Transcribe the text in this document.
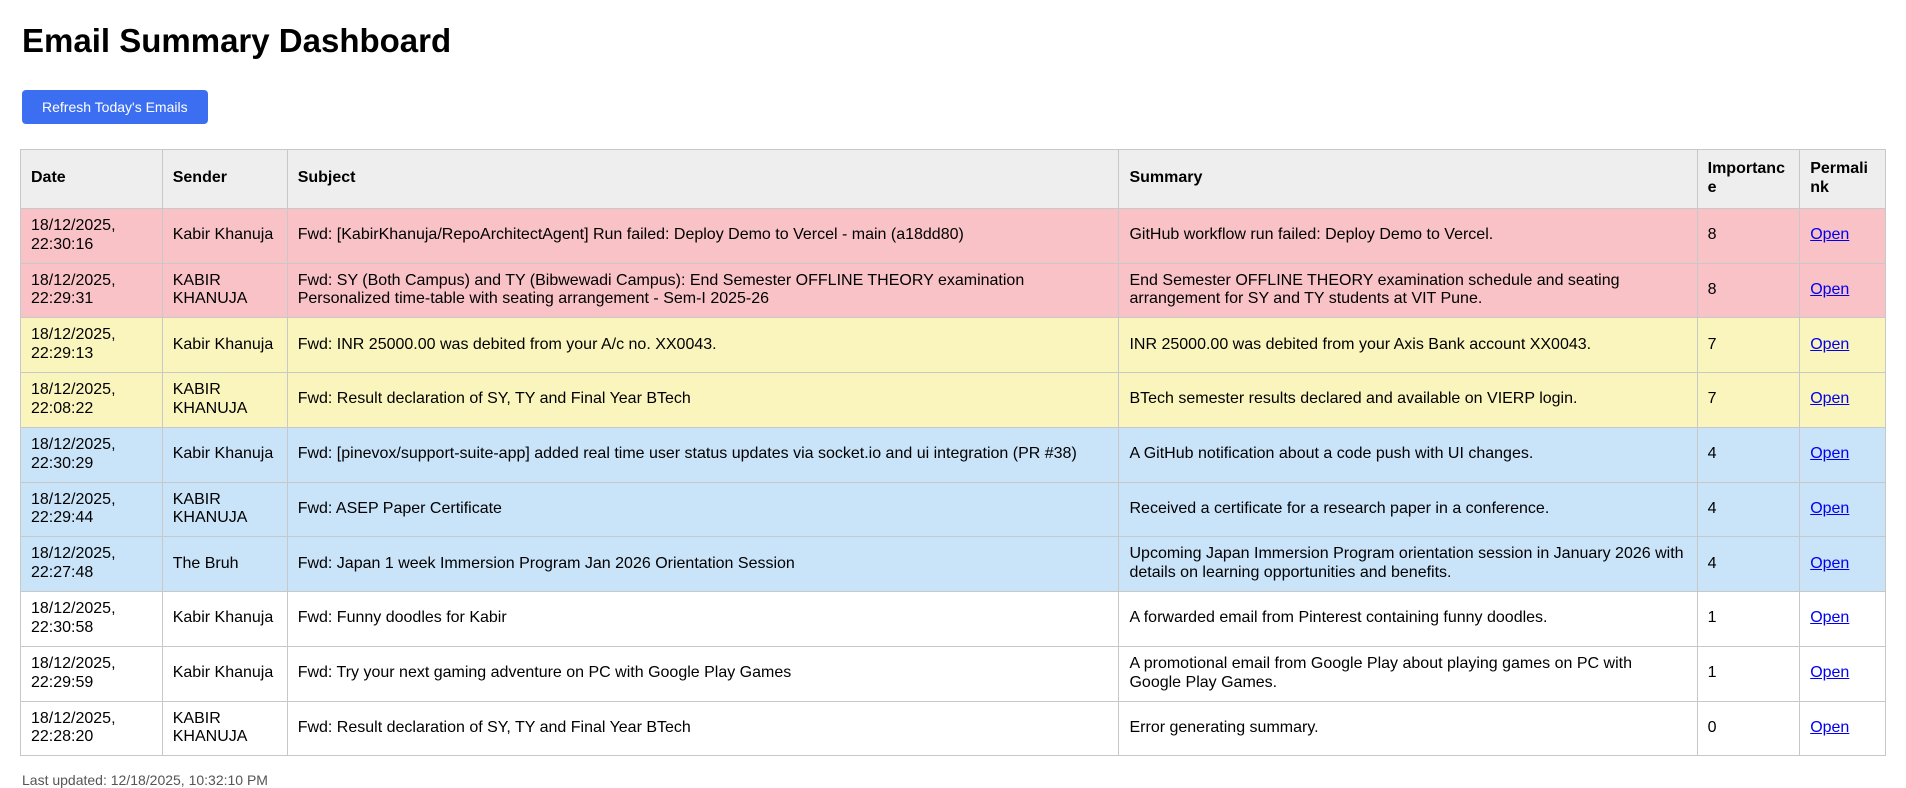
Email Summary Dashboard
Refresh Today's Emails
Date	Sender	Subject	Summary	Importance	Permalink
18/12/2025, 22:30:16	Kabir Khanuja	Fwd: [KabirKhanuja/RepoArchitectAgent] Run failed: Deploy Demo to Vercel - main (a18dd80)	GitHub workflow run failed: Deploy Demo to Vercel.	8	Open
18/12/2025, 22:29:31	KABIR KHANUJA	Fwd: SY (Both Campus) and TY (Bibwewadi Campus): End Semester OFFLINE THEORY examination Personalized time-table with seating arrangement - Sem-I 2025-26	End Semester OFFLINE THEORY examination schedule and seating arrangement for SY and TY students at VIT Pune.	8	Open
18/12/2025, 22:29:13	Kabir Khanuja	Fwd: INR 25000.00 was debited from your A/c no. XX0043.	INR 25000.00 was debited from your Axis Bank account XX0043.	7	Open
18/12/2025, 22:08:22	KABIR KHANUJA	Fwd: Result declaration of SY, TY and Final Year BTech	BTech semester results declared and available on VIERP login.	7	Open
18/12/2025, 22:30:29	Kabir Khanuja	Fwd: [pinevox/support-suite-app] added real time user status updates via socket.io and ui integration (PR #38)	A GitHub notification about a code push with UI changes.	4	Open
18/12/2025, 22:29:44	KABIR KHANUJA	Fwd: ASEP Paper Certificate	Received a certificate for a research paper in a conference.	4	Open
18/12/2025, 22:27:48	The Bruh	Fwd: Japan 1 week Immersion Program Jan 2026 Orientation Session	Upcoming Japan Immersion Program orientation session in January 2026 with details on learning opportunities and benefits.	4	Open
18/12/2025, 22:30:58	Kabir Khanuja	Fwd: Funny doodles for Kabir	A forwarded email from Pinterest containing funny doodles.	1	Open
18/12/2025, 22:29:59	Kabir Khanuja	Fwd: Try your next gaming adventure on PC with Google Play Games	A promotional email from Google Play about playing games on PC with Google Play Games.	1	Open
18/12/2025, 22:28:20	KABIR KHANUJA	Fwd: Result declaration of SY, TY and Final Year BTech	Error generating summary.	0	Open

Last updated: 12/18/2025, 10:32:10 PM
